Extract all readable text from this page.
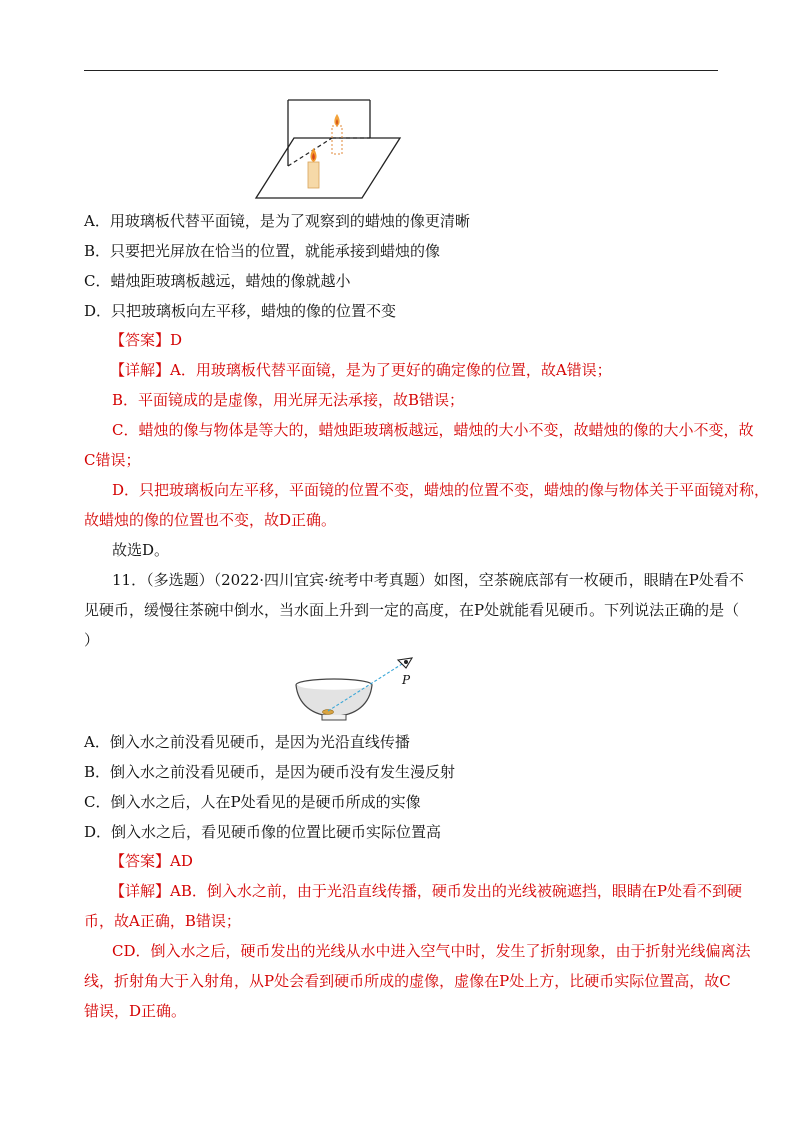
A．用玻璃板代替平面镜，是为了观察到的蜡烛的像更清晰
B．只要把光屏放在恰当的位置，就能承接到蜡烛的像
C．蜡烛距玻璃板越远，蜡烛的像就越小
D．只把玻璃板向左平移，蜡烛的像的位置不变
【答案】D
【详解】A．用玻璃板代替平面镜，是为了更好的确定像的位置，故A错误；
B．平面镜成的是虚像，用光屏无法承接，故B错误；
C．蜡烛的像与物体是等大的，蜡烛距玻璃板越远，蜡烛的大小不变，故蜡烛的像的大小不变，故
C错误；
D．只把玻璃板向左平移，平面镜的位置不变，蜡烛的位置不变，蜡烛的像与物体关于平面镜对称，
故蜡烛的像的位置也不变，故D正确。
故选D。
11．（多选题）（2022·四川宜宾·统考中考真题）如图，空茶碗底部有一枚硬币，眼睛在P处看不
见硬币，缓慢往茶碗中倒水，当水面上升到一定的高度，在P处就能看见硬币。下列说法正确的是（
）
P
A．倒入水之前没看见硬币，是因为光沿直线传播
B．倒入水之前没看见硬币，是因为硬币没有发生漫反射
C．倒入水之后，人在P处看见的是硬币所成的实像
D．倒入水之后，看见硬币像的位置比硬币实际位置高
【答案】AD
【详解】AB．倒入水之前，由于光沿直线传播，硬币发出的光线被碗遮挡，眼睛在P处看不到硬
币，故A正确，B错误；
CD．倒入水之后，硬币发出的光线从水中进入空气中时，发生了折射现象，由于折射光线偏离法
线，折射角大于入射角，从P处会看到硬币所成的虚像，虚像在P处上方，比硬币实际位置高，故C
错误，D正确。
